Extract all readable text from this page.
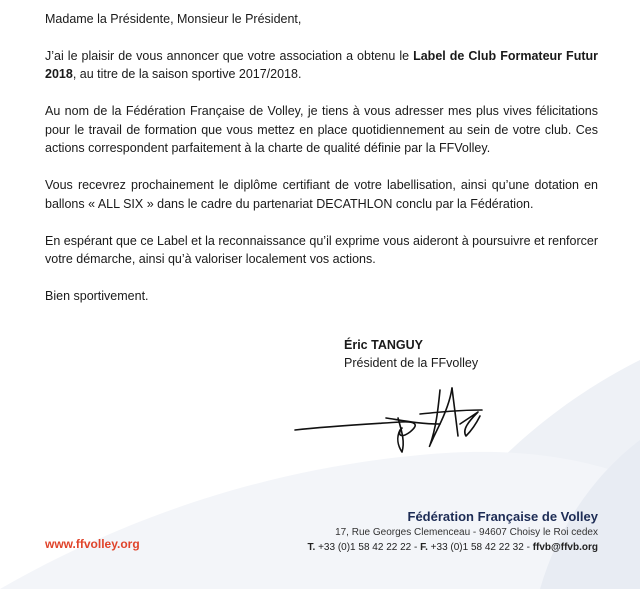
Madame la Présidente, Monsieur le Président,

J’ai le plaisir de vous annoncer que votre association a obtenu le Label de Club Formateur Futur 2018, au titre de la saison sportive 2017/2018.

Au nom de la Fédération Française de Volley, je tiens à vous adresser mes plus vives félicitations pour le travail de formation que vous mettez en place quotidiennement au sein de votre club. Ces actions correspondent parfaitement à la charte de qualité définie par la FFVolley.

Vous recevrez prochainement le diplôme certifiant de votre labellisation, ainsi qu’une dotation en ballons « ALL SIX » dans le cadre du partenariat DECATHLON conclu par la Fédération.

En espérant que ce Label et la reconnaissance qu’il exprime vous aideront à poursuivre et renforcer votre démarche, ainsi qu’à valoriser localement vos actions.

Bien sportivement.

Éric TANGUY
Président de la FFvolley
Fédération Française de Volley
17, Rue Georges Clemenceau - 94607 Choisy le Roi cedex
T. +33 (0)1 58 42 22 22 - F. +33 (0)1 58 42 22 32 - ffvb@ffvb.org
www.ffvolley.org
